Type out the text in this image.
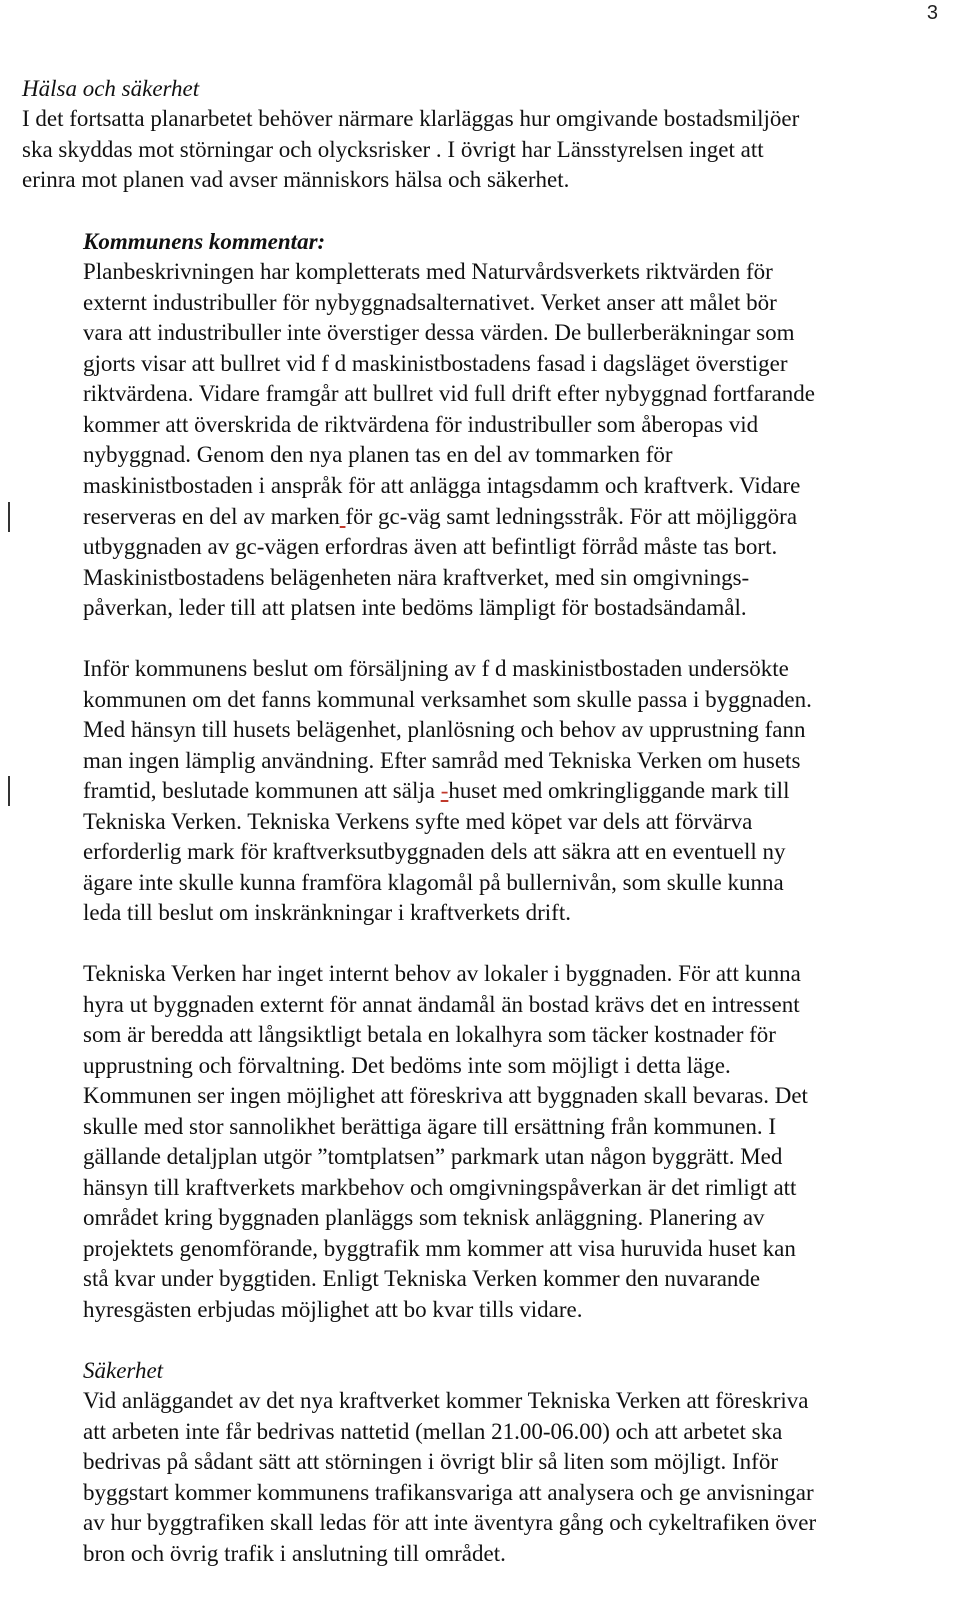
3
Hälsa och säkerhet
I det fortsatta planarbetet behöver närmare klarläggas hur omgivande bostadsmiljöer
ska skyddas mot störningar och olycksrisker . I övrigt har Länsstyrelsen inget att
erinra mot planen vad avser människors hälsa och säkerhet.
Kommunens kommentar:
Planbeskrivningen har kompletterats med Naturvårdsverkets riktvärden för
externt industribuller för nybyggnadsalternativet. Verket anser att målet bör
vara att industribuller inte överstiger dessa värden. De bullerberäkningar som
gjorts visar att bullret vid f d maskinistbostadens fasad i dagsläget överstiger
riktvärdena. Vidare framgår att bullret vid full drift efter nybyggnad fortfarande
kommer att överskrida de riktvärdena för industribuller som åberopas vid
nybyggnad. Genom den nya planen tas en del av tommarken för
maskinistbostaden i anspråk för att anlägga intagsdamm och kraftverk. Vidare
reserveras en del av marken för gc-väg samt ledningsstråk. För att möjliggöra
utbyggnaden av gc-vägen erfordras även att befintligt förråd måste tas bort.
Maskinistbostadens belägenheten nära kraftverket, med sin omgivnings-
påverkan, leder till att platsen inte bedöms lämpligt för bostadsändamål.
Inför kommunens beslut om försäljning av f d maskinistbostaden undersökte
kommunen om det fanns kommunal verksamhet som skulle passa i byggnaden.
Med hänsyn till husets belägenhet, planlösning och behov av upprustning fann
man ingen lämplig användning. Efter samråd med Tekniska Verken om husets
framtid, beslutade kommunen att sälja -huset med omkringliggande mark till
Tekniska Verken. Tekniska Verkens syfte med köpet var dels att förvärva
erforderlig mark för kraftverksutbyggnaden dels att säkra att en eventuell ny
ägare inte skulle kunna framföra klagomål på bullernivån, som skulle kunna
leda till beslut om inskränkningar i kraftverkets drift.
Tekniska Verken har inget internt behov av lokaler i byggnaden. För att kunna
hyra ut byggnaden externt för annat ändamål än bostad krävs det en intressent
som är beredda att långsiktligt betala en lokalhyra som täcker kostnader för
upprustning och förvaltning. Det bedöms inte som möjligt i detta läge.
Kommunen ser ingen möjlighet att föreskriva att byggnaden skall bevaras. Det
skulle med stor sannolikhet berättiga ägare till ersättning från kommunen. I
gällande detaljplan utgör ”tomtplatsen” parkmark utan någon byggrätt. Med
hänsyn till kraftverkets markbehov och omgivningspåverkan är det rimligt att
området kring byggnaden planläggs som teknisk anläggning. Planering av
projektets genomförande, byggtrafik mm kommer att visa huruvida huset kan
stå kvar under byggtiden. Enligt Tekniska Verken kommer den nuvarande
hyresgästen erbjudas möjlighet att bo kvar tills vidare.
Säkerhet
Vid anläggandet av det nya kraftverket kommer Tekniska Verken att föreskriva
att arbeten inte får bedrivas nattetid (mellan 21.00-06.00) och att arbetet ska
bedrivas på sådant sätt att störningen i övrigt blir så liten som möjligt. Inför
byggstart kommer kommunens trafikansvariga att analysera och ge anvisningar
av hur byggtrafiken skall ledas för att inte äventyra gång och cykeltrafiken över
bron och övrig trafik i anslutning till området.
